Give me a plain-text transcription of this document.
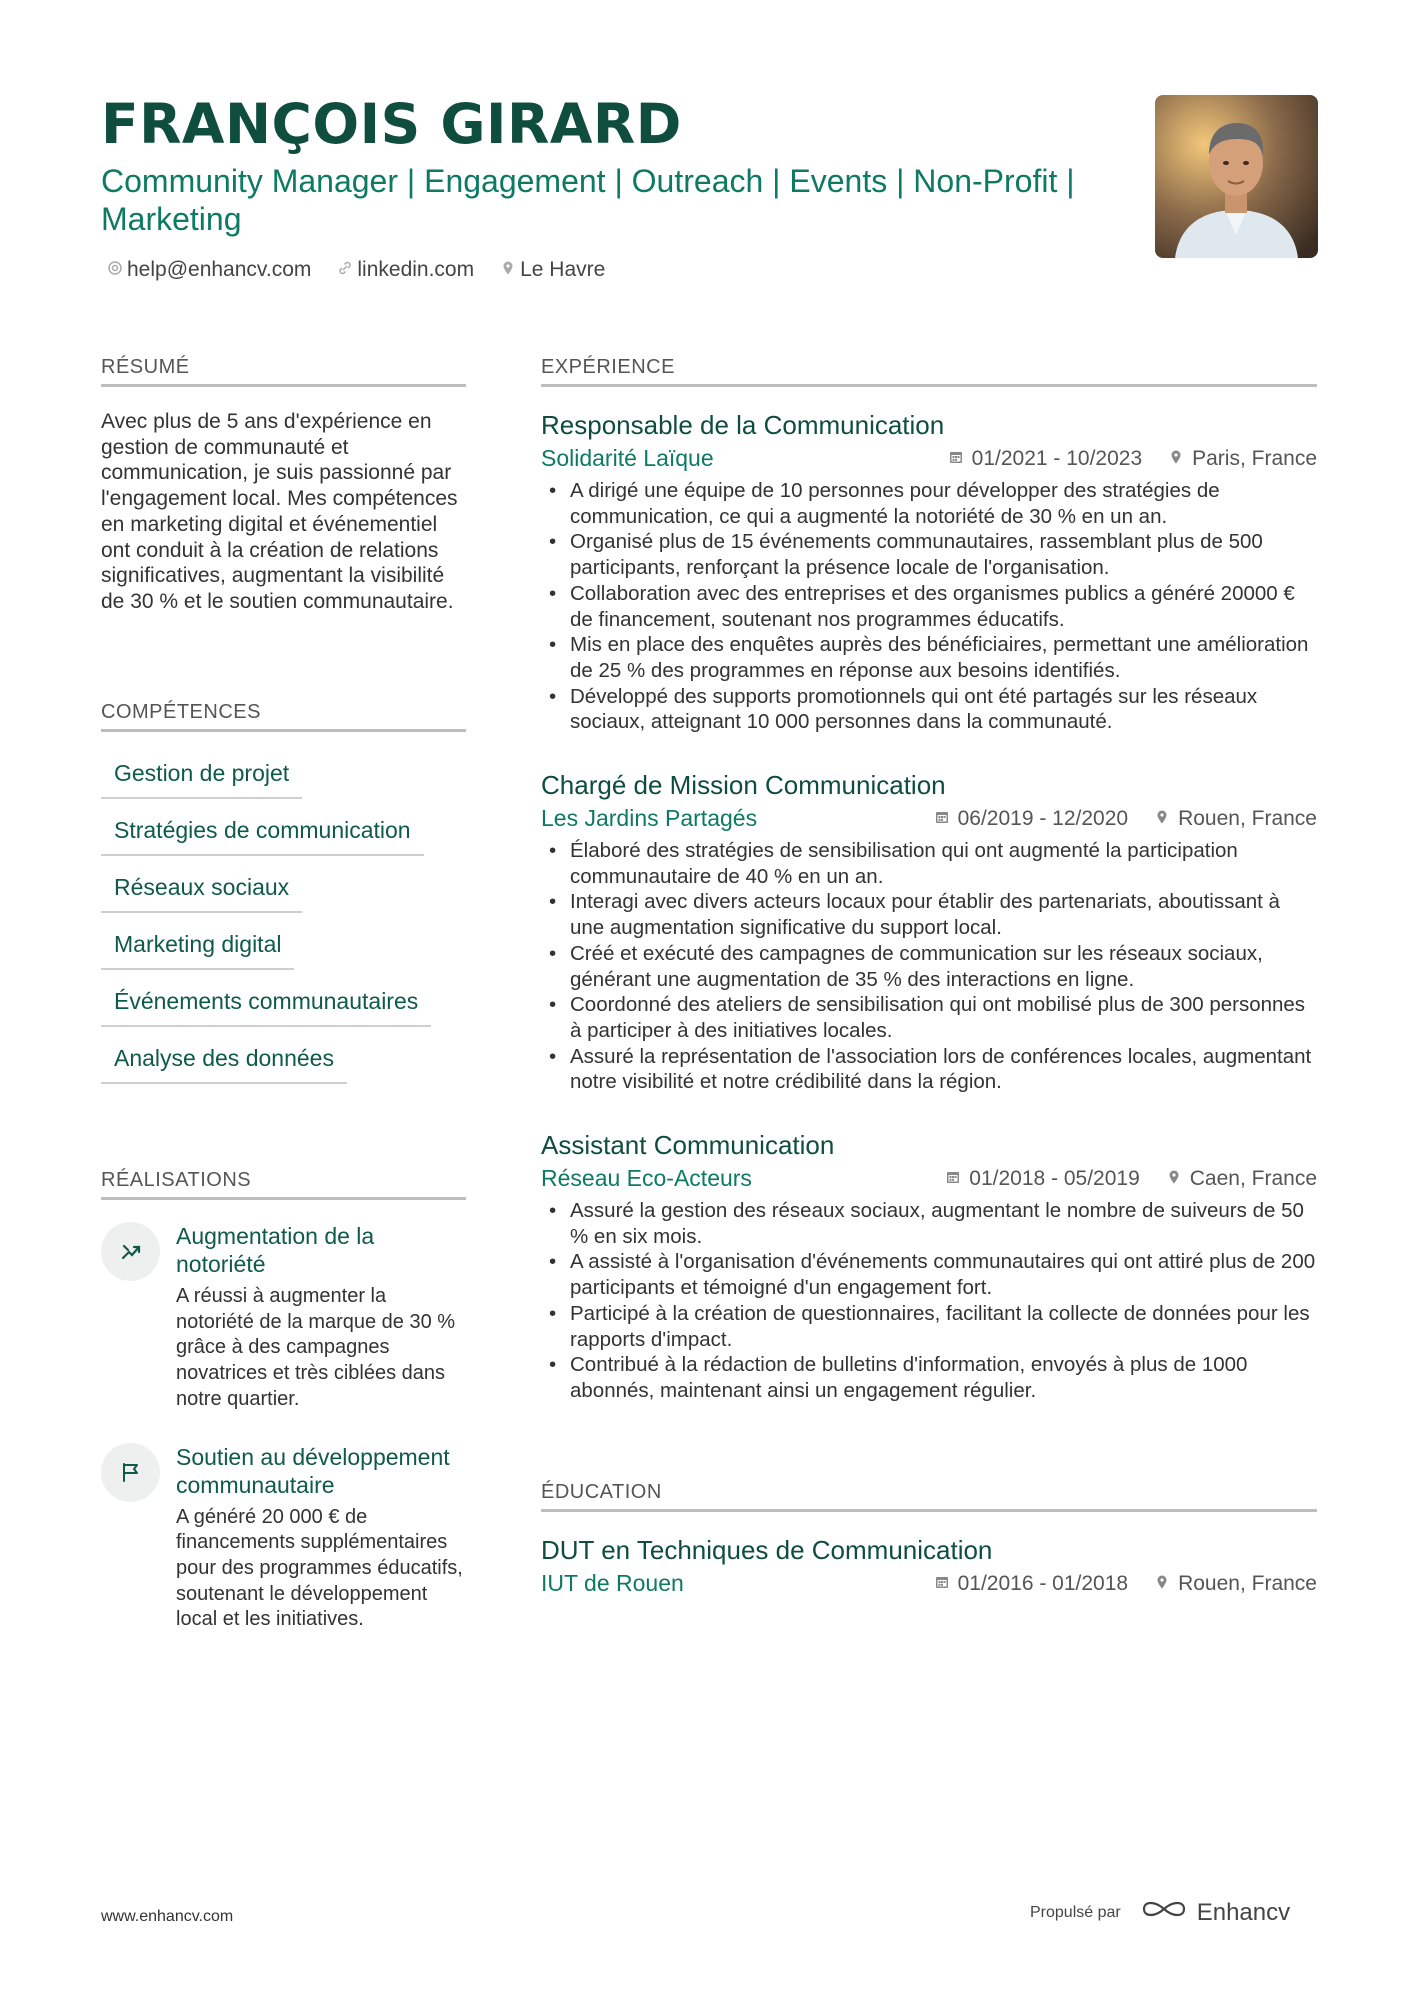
FRANÇOIS GIRARD
Community Manager | Engagement | Outreach | Events | Non-Profit | Marketing
help@enhancv.com linkedin.com Le Havre
RÉSUMÉ
Avec plus de 5 ans d'expérience en gestion de communauté et communication, je suis passionné par l'engagement local. Mes compétences en marketing digital et événementiel ont conduit à la création de relations significatives, augmentant la visibilité de 30 % et le soutien communautaire.
COMPÉTENCES
Gestion de projet
Stratégies de communication
Réseaux sociaux
Marketing digital
Événements communautaires
Analyse des données
RÉALISATIONS
Augmentation de la notoriété
A réussi à augmenter la notoriété de la marque de 30 % grâce à des campagnes novatrices et très ciblées dans notre quartier.
Soutien au développement communautaire
A généré 20 000 € de financements supplémentaires pour des programmes éducatifs, soutenant le développement local et les initiatives.
EXPÉRIENCE
Responsable de la Communication
Solidarité Laïque	01/2021 - 10/2023 Paris, France
• A dirigé une équipe de 10 personnes pour développer des stratégies de communication, ce qui a augmenté la notoriété de 30 % en un an.
• Organisé plus de 15 événements communautaires, rassemblant plus de 500 participants, renforçant la présence locale de l'organisation.
• Collaboration avec des entreprises et des organismes publics a généré 20000 € de financement, soutenant nos programmes éducatifs.
• Mis en place des enquêtes auprès des bénéficiaires, permettant une amélioration de 25 % des programmes en réponse aux besoins identifiés.
• Développé des supports promotionnels qui ont été partagés sur les réseaux sociaux, atteignant 10 000 personnes dans la communauté.
Chargé de Mission Communication
Les Jardins Partagés	06/2019 - 12/2020 Rouen, France
• Élaboré des stratégies de sensibilisation qui ont augmenté la participation communautaire de 40 % en un an.
• Interagi avec divers acteurs locaux pour établir des partenariats, aboutissant à une augmentation significative du support local.
• Créé et exécuté des campagnes de communication sur les réseaux sociaux, générant une augmentation de 35 % des interactions en ligne.
• Coordonné des ateliers de sensibilisation qui ont mobilisé plus de 300 personnes à participer à des initiatives locales.
• Assuré la représentation de l'association lors de conférences locales, augmentant notre visibilité et notre crédibilité dans la région.
Assistant Communication
Réseau Eco-Acteurs	01/2018 - 05/2019 Caen, France
• Assuré la gestion des réseaux sociaux, augmentant le nombre de suiveurs de 50 % en six mois.
• A assisté à l'organisation d'événements communautaires qui ont attiré plus de 200 participants et témoigné d'un engagement fort.
• Participé à la création de questionnaires, facilitant la collecte de données pour les rapports d'impact.
• Contribué à la rédaction de bulletins d'information, envoyés à plus de 1000 abonnés, maintenant ainsi un engagement régulier.
ÉDUCATION
DUT en Techniques de Communication
IUT de Rouen	01/2016 - 01/2018 Rouen, France
www.enhancv.com	Propulsé par	Enhancv
